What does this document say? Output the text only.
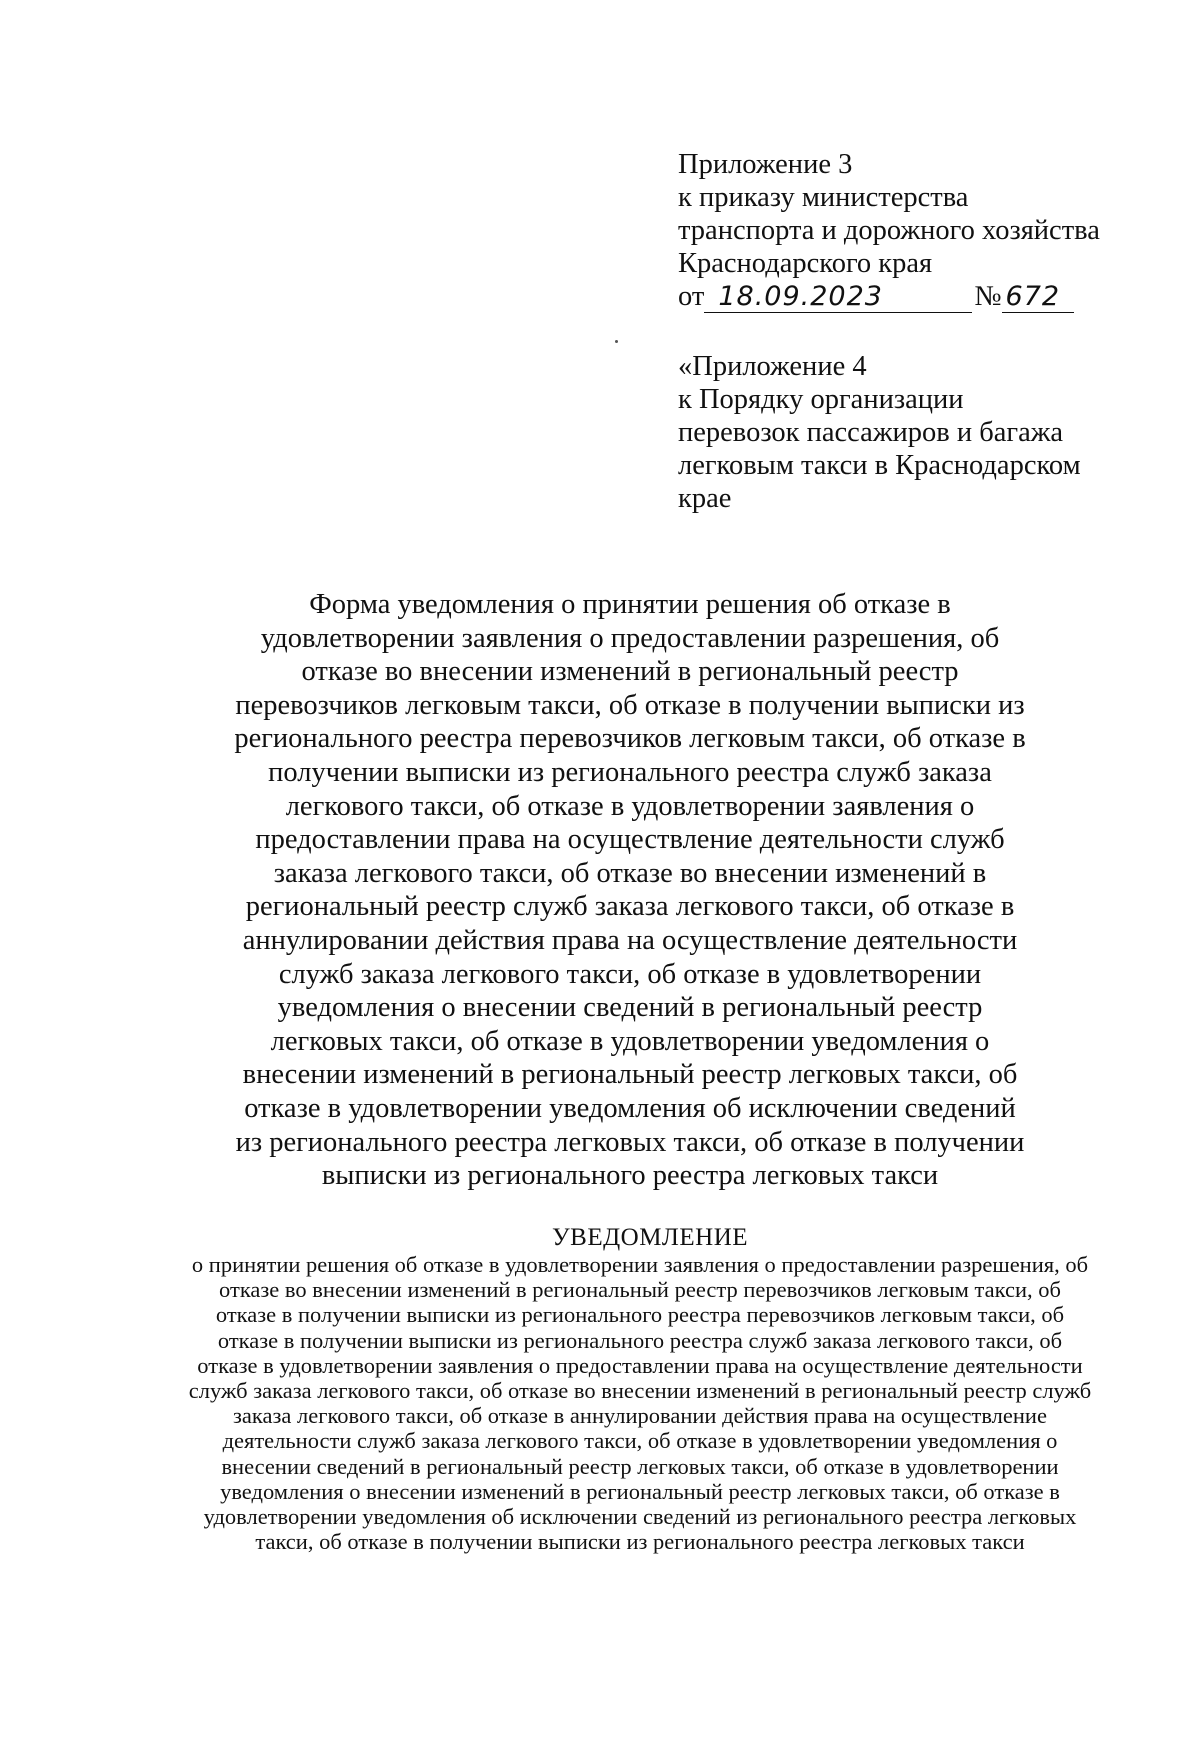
Приложение 3
к приказу министерства
транспорта и дорожного хозяйства
Краснодарского края
от 18.09.2023	№ 672
«Приложение 4
к Порядку организации
перевозок пассажиров и багажа
легковым такси в Краснодарском
крае
Форма уведомления о принятии решения об отказе в
удовлетворении заявления о предоставлении разрешения, об
отказе во внесении изменений в региональный реестр
перевозчиков легковым такси, об отказе в получении выписки из
регионального реестра перевозчиков легковым такси, об отказе в
получении выписки из регионального реестра служб заказа
легкового такси, об отказе в удовлетворении заявления о
предоставлении права на осуществление деятельности служб
заказа легкового такси, об отказе во внесении изменений в
региональный реестр служб заказа легкового такси, об отказе в
аннулировании действия права на осуществление деятельности
служб заказа легкового такси, об отказе в удовлетворении
уведомления о внесении сведений в региональный реестр
легковых такси, об отказе в удовлетворении уведомления о
внесении изменений в региональный реестр легковых такси, об
отказе в удовлетворении уведомления об исключении сведений
из регионального реестра легковых такси, об отказе в получении
выписки из регионального реестра легковых такси
УВЕДОМЛЕНИЕ
о принятии решения об отказе в удовлетворении заявления о предоставлении разрешения, об
отказе во внесении изменений в региональный реестр перевозчиков легковым такси, об
отказе в получении выписки из регионального реестра перевозчиков легковым такси, об
отказе в получении выписки из регионального реестра служб заказа легкового такси, об
отказе в удовлетворении заявления о предоставлении права на осуществление деятельности
служб заказа легкового такси, об отказе во внесении изменений в региональный реестр служб
заказа легкового такси, об отказе в аннулировании действия права на осуществление
деятельности служб заказа легкового такси, об отказе в удовлетворении уведомления о
внесении сведений в региональный реестр легковых такси, об отказе в удовлетворении
уведомления о внесении изменений в региональный реестр легковых такси, об отказе в
удовлетворении уведомления об исключении сведений из регионального реестра легковых
такси, об отказе в получении выписки из регионального реестра легковых такси
